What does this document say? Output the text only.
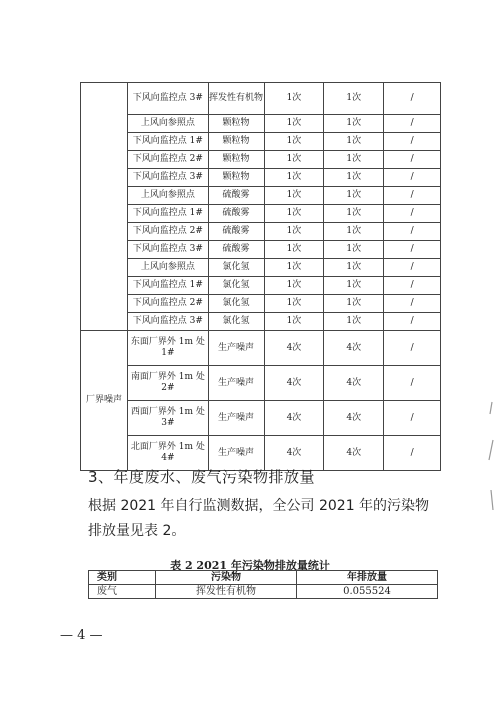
	下风向监控点 3#	挥发性有机物	1次	1次	/
	上风向参照点	颗粒物	1次	1次	/
	下风向监控点 1#	颗粒物	1次	1次	/
	下风向监控点 2#	颗粒物	1次	1次	/
	下风向监控点 3#	颗粒物	1次	1次	/
	上风向参照点	硫酸雾	1次	1次	/
	下风向监控点 1#	硫酸雾	1次	1次	/
	下风向监控点 2#	硫酸雾	1次	1次	/
	下风向监控点 3#	硫酸雾	1次	1次	/
	上风向参照点	氯化氢	1次	1次	/
	下风向监控点 1#	氯化氢	1次	1次	/
	下风向监控点 2#	氯化氢	1次	1次	/
	下风向监控点 3#	氯化氢	1次	1次	/
厂界噪声	东面厂界外 1m 处 1#	生产噪声	4次	4次	/
	南面厂界外 1m 处 2#	生产噪声	4次	4次	/
	西面厂界外 1m 处 3#	生产噪声	4次	4次	/
	北面厂界外 1m 处 4#	生产噪声	4次	4次	/
3、年度废水、废气污染物排放量
根据 2021 年自行监测数据，全公司 2021 年的污染物排放量见表 2。
表 2 2021 年污染物排放量统计
类别	污染物	年排放量
废气	挥发性有机物	0.055524
— 4 —
